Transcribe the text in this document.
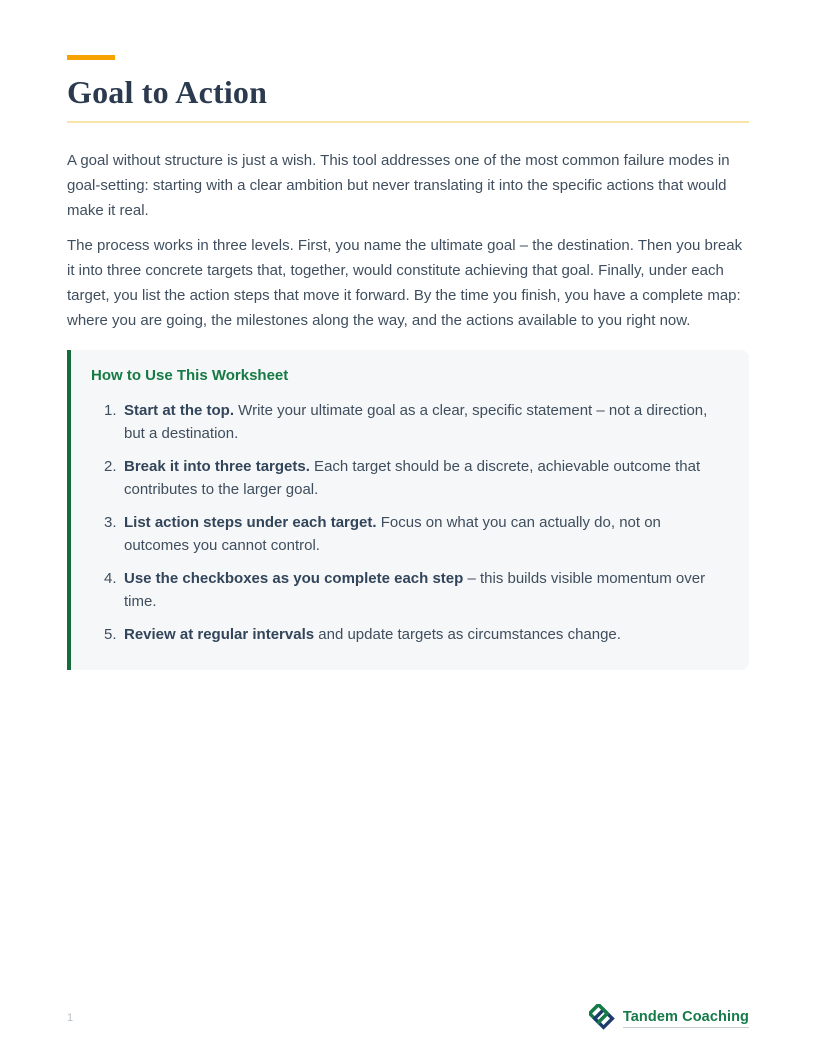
Goal to Action

A goal without structure is just a wish. This tool addresses one of the most common failure modes in goal-setting: starting with a clear ambition but never translating it into the specific actions that would make it real.

The process works in three levels. First, you name the ultimate goal – the destination. Then you break it into three concrete targets that, together, would constitute achieving that goal. Finally, under each target, you list the action steps that move it forward. By the time you finish, you have a complete map: where you are going, the milestones along the way, and the actions available to you right now.

How to Use This Worksheet
Start at the top. Write your ultimate goal as a clear, specific statement – not a direction, but a destination.
Break it into three targets. Each target should be a discrete, achievable outcome that contributes to the larger goal.
List action steps under each target. Focus on what you can actually do, not on outcomes you cannot control.
Use the checkboxes as you complete each step – this builds visible momentum over time.
Review at regular intervals and update targets as circumstances change.
1	Tandem Coaching
